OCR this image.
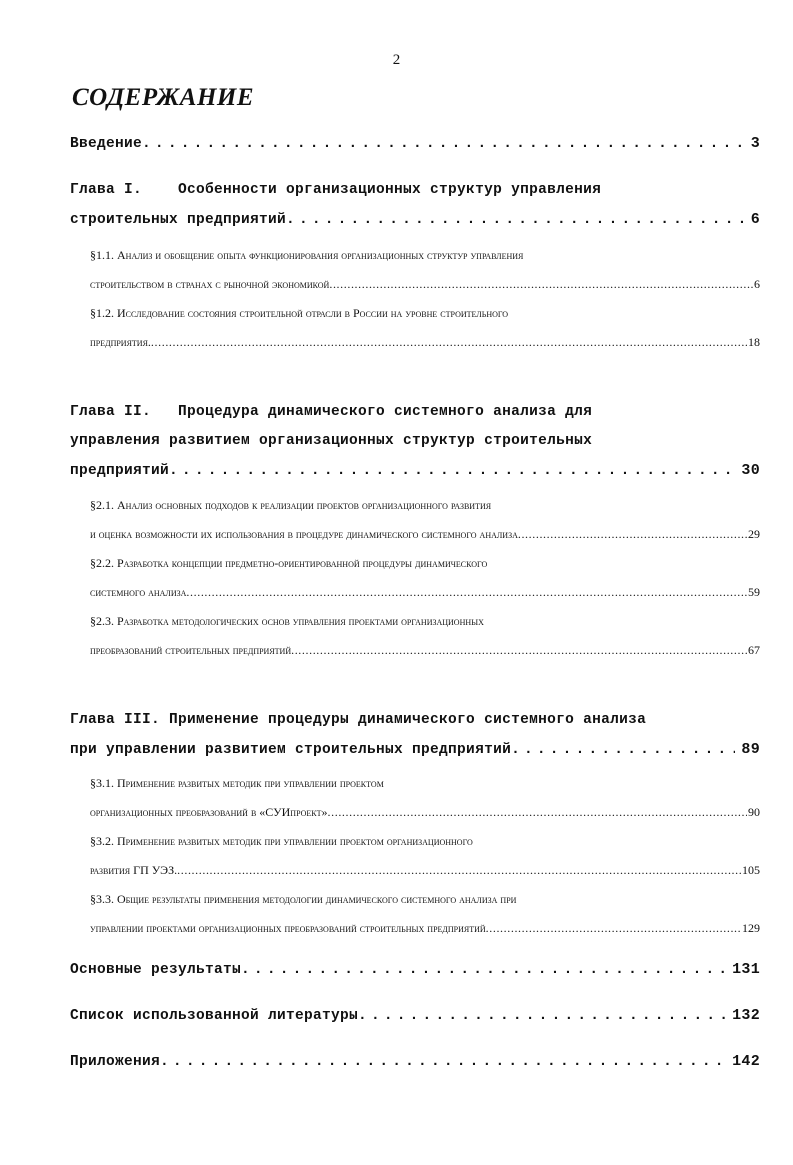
2
СОДЕРЖАНИЕ
Введение .....	3
Глава I.    Особенности организационных структур управления
строительных предприятий .....	6
§1.1. Анализ и обобщение опыта функционирования организационных структур управления
строительством в странах с рыночной экономикой .....	6
§1.2. Исследование состояния строительной отрасли в России на уровне строительного
предприятия. .....	18
Глава II.   Процедура динамического системного анализа для
управления развитием организационных структур строительных
предприятий .....	30
§2.1. Анализ основных подходов к реализации проектов организационного развития
и оценка возможности их использования в процедуре динамического системного анализа .....	29
§2.2. Разработка концепции предметно-ориентированной процедуры динамического
системного анализа .....	59
§2.3. Разработка методологических основ управления проектами организационных
преобразований строительных предприятий .....	67
Глава III. Применение процедуры динамического системного анализа
при управлении развитием строительных предприятий .....	89
§3.1. Применение развитых методик при управлении проектом
организационных преобразований в «СУИпроект» .....	90
§3.2. Применение развитых методик при управлении проектом организационного
развития ГП УЭЗ. .....	105
§3.3. Общие результаты применения методологии динамического системного анализа при
управлении проектами организационных преобразований строительных предприятий .....	129
Основные результаты .....	131
Список использованной литературы .....	132
Приложения .....	142
